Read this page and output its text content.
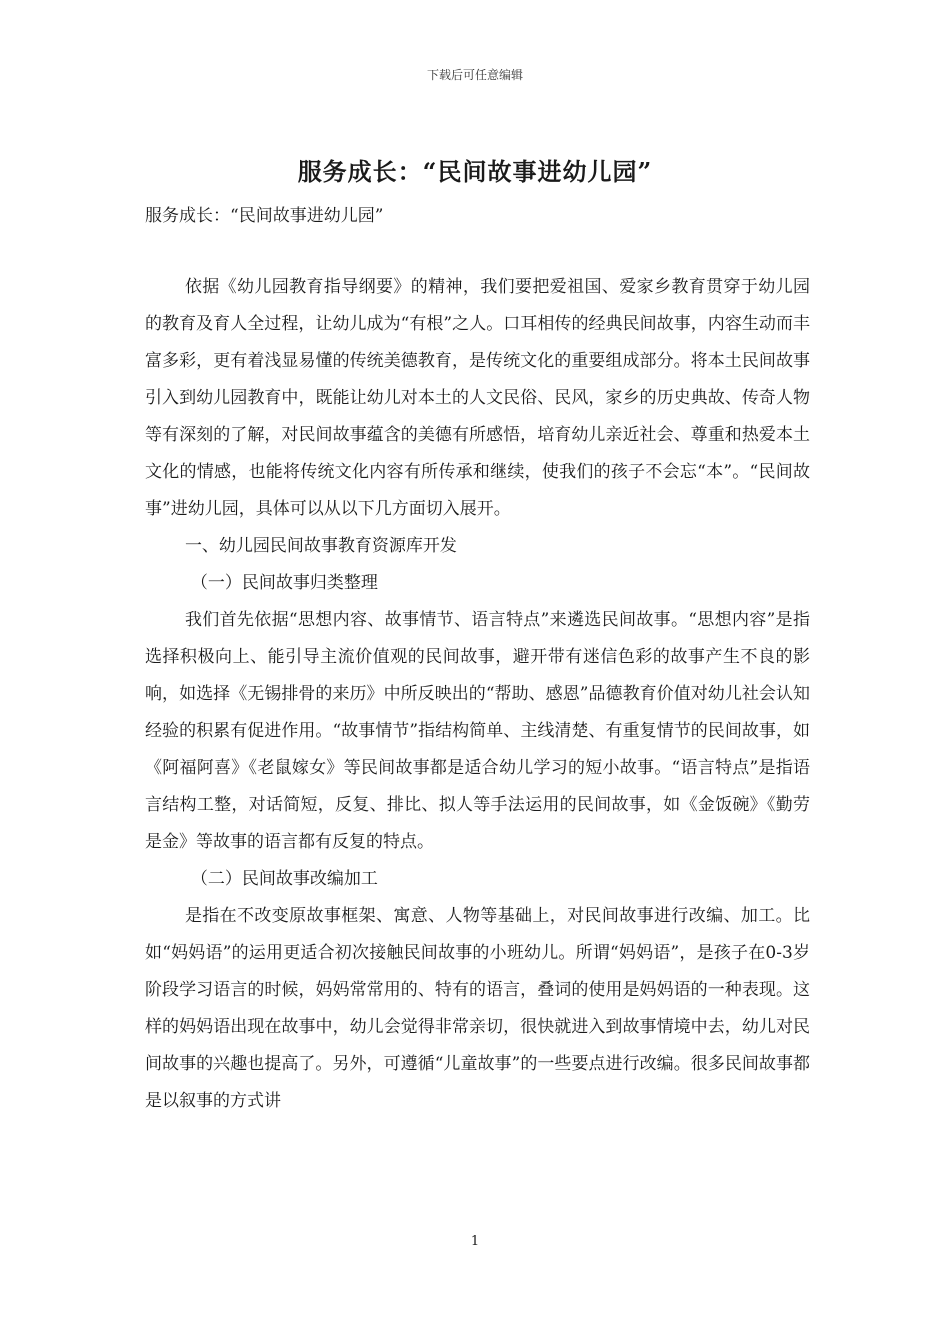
下载后可任意编辑
服务成长：“民间故事进幼儿园”
服务成长：“民间故事进幼儿园”

依据《幼儿园教育指导纲要》的精神，我们要把爱祖国、爱家乡教育贯穿于幼儿园的教育及育人全过程，让幼儿成为“有根”之人。口耳相传的经典民间故事，内容生动而丰富多彩，更有着浅显易懂的传统美德教育，是传统文化的重要组成部分。将本土民间故事引入到幼儿园教育中，既能让幼儿对本土的人文民俗、民风，家乡的历史典故、传奇人物等有深刻的了解，对民间故事蕴含的美德有所感悟，培育幼儿亲近社会、尊重和热爱本土文化的情感，也能将传统文化内容有所传承和继续，使我们的孩子不会忘“本”。“民间故事”进幼儿园，具体可以从以下几方面切入展开。

一、幼儿园民间故事教育资源库开发

（一）民间故事归类整理

我们首先依据“思想内容、故事情节、语言特点”来遴选民间故事。“思想内容”是指选择积极向上、能引导主流价值观的民间故事，避开带有迷信色彩的故事产生不良的影响，如选择《无锡排骨的来历》中所反映出的“帮助、感恩”品德教育价值对幼儿社会认知经验的积累有促进作用。“故事情节”指结构简单、主线清楚、有重复情节的民间故事，如《阿福阿喜》《老鼠嫁女》等民间故事都是适合幼儿学习的短小故事。“语言特点”是指语言结构工整，对话简短，反复、排比、拟人等手法运用的民间故事，如《金饭碗》《勤劳是金》等故事的语言都有反复的特点。

（二）民间故事改编加工

是指在不改变原故事框架、寓意、人物等基础上，对民间故事进行改编、加工。比如“妈妈语”的运用更适合初次接触民间故事的小班幼儿。所谓“妈妈语”，是孩子在0-3岁阶段学习语言的时候，妈妈常常用的、特有的语言，叠词的使用是妈妈语的一种表现。这样的妈妈语出现在故事中，幼儿会觉得非常亲切，很快就进入到故事情境中去，幼儿对民间故事的兴趣也提高了。另外，可遵循“儿童故事”的一些要点进行改编。很多民间故事都是以叙事的方式讲

1
